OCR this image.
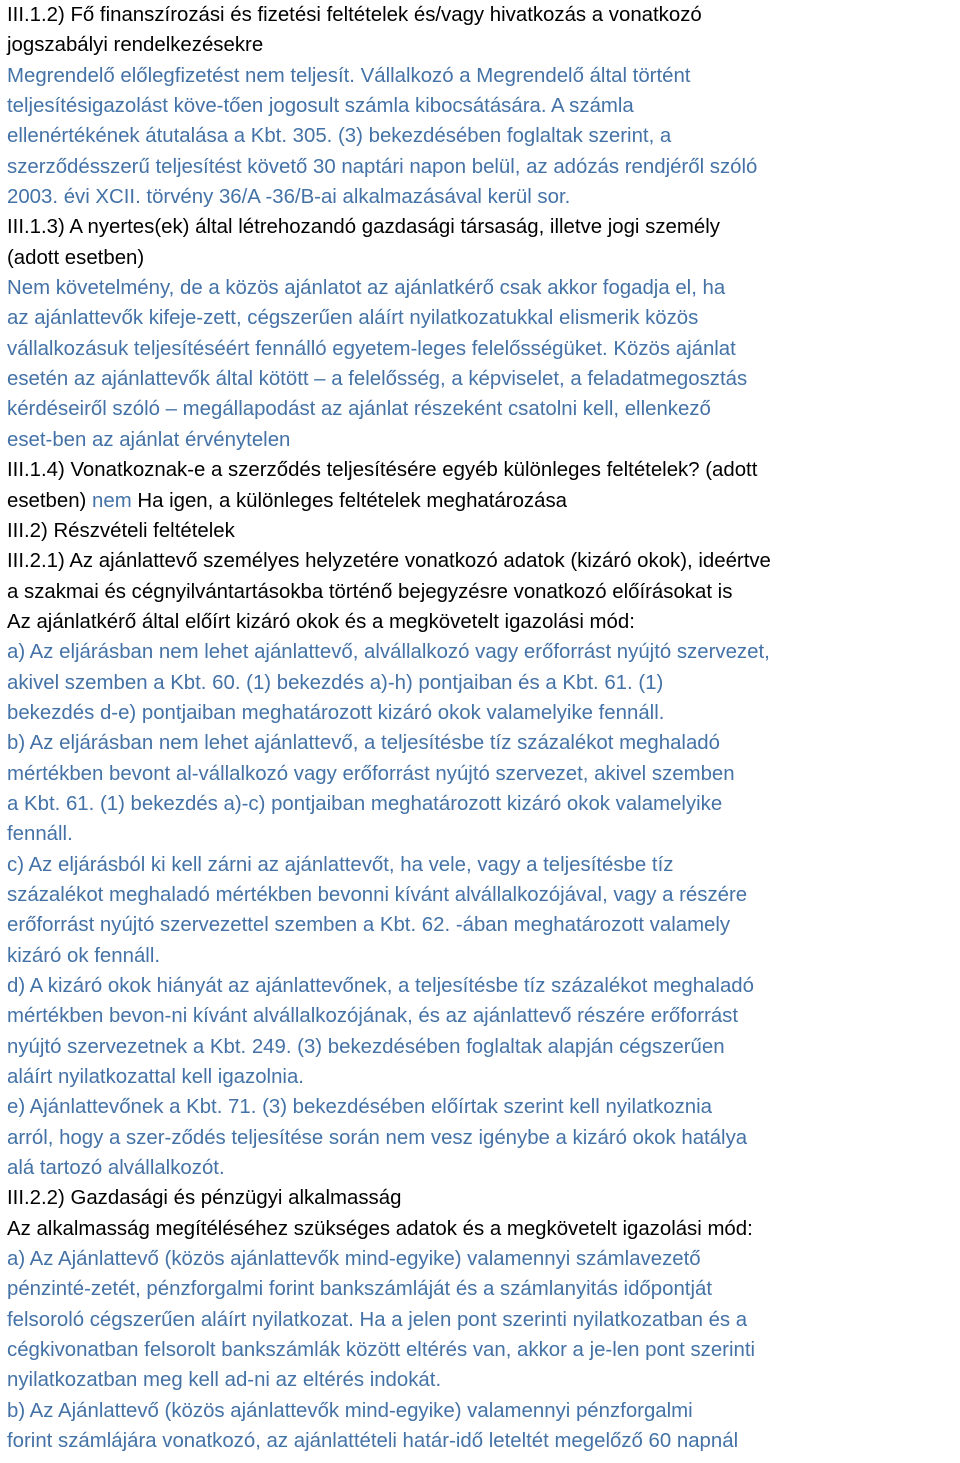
III.1.2) Fő finanszírozási és fizetési feltételek és/vagy hivatkozás a vonatkozó
jogszabályi rendelkezésekre
Megrendelő előlegfizetést nem teljesít. Vállalkozó a Megrendelő által történt
teljesítésigazolást köve-tően jogosult számla kibocsátására. A számla
ellenértékének átutalása a Kbt. 305. (3) bekezdésében foglaltak szerint, a
szerződésszerű teljesítést követő 30 naptári napon belül, az adózás rendjéről szóló
2003. évi XCII. törvény 36/A -36/B-ai alkalmazásával kerül sor.
III.1.3) A nyertes(ek) által létrehozandó gazdasági társaság, illetve jogi személy
(adott esetben)
Nem követelmény, de a közös ajánlatot az ajánlatkérő csak akkor fogadja el, ha
az ajánlattevők kifeje-zett, cégszerűen aláírt nyilatkozatukkal elismerik közös
vállalkozásuk teljesítéséért fennálló egyetem-leges felelősségüket. Közös ajánlat
esetén az ajánlattevők által kötött – a felelősség, a képviselet, a feladatmegosztás
kérdéseiről szóló – megállapodást az ajánlat részeként csatolni kell, ellenkező
eset-ben az ajánlat érvénytelen
III.1.4) Vonatkoznak-e a szerződés teljesítésére egyéb különleges feltételek? (adott
esetben) nem Ha igen, a különleges feltételek meghatározása
III.2) Részvételi feltételek
III.2.1) Az ajánlattevő személyes helyzetére vonatkozó adatok (kizáró okok), ideértve
a szakmai és cégnyilvántartásokba történő bejegyzésre vonatkozó előírásokat is
Az ajánlatkérő által előírt kizáró okok és a megkövetelt igazolási mód:
a) Az eljárásban nem lehet ajánlattevő, alvállalkozó vagy erőforrást nyújtó szervezet,
akivel szemben a Kbt. 60. (1) bekezdés a)-h) pontjaiban és a Kbt. 61. (1)
bekezdés d-e) pontjaiban meghatározott kizáró okok valamelyike fennáll.
b) Az eljárásban nem lehet ajánlattevő, a teljesítésbe tíz százalékot meghaladó
mértékben bevont al-vállalkozó vagy erőforrást nyújtó szervezet, akivel szemben
a Kbt. 61. (1) bekezdés a)-c) pontjaiban meghatározott kizáró okok valamelyike
fennáll.
c) Az eljárásból ki kell zárni az ajánlattevőt, ha vele, vagy a teljesítésbe tíz
százalékot meghaladó mértékben bevonni kívánt alvállalkozójával, vagy a részére
erőforrást nyújtó szervezettel szemben a Kbt. 62. -ában meghatározott valamely
kizáró ok fennáll.
d) A kizáró okok hiányát az ajánlattevőnek, a teljesítésbe tíz százalékot meghaladó
mértékben bevon-ni kívánt alvállalkozójának, és az ajánlattevő részére erőforrást
nyújtó szervezetnek a Kbt. 249. (3) bekezdésében foglaltak alapján cégszerűen
aláírt nyilatkozattal kell igazolnia.
e) Ajánlattevőnek a Kbt. 71. (3) bekezdésében előírtak szerint kell nyilatkoznia
arról, hogy a szer-ződés teljesítése során nem vesz igénybe a kizáró okok hatálya
alá tartozó alvállalkozót.
III.2.2) Gazdasági és pénzügyi alkalmasság
Az alkalmasság megítéléséhez szükséges adatok és a megkövetelt igazolási mód:
a) Az Ajánlattevő (közös ajánlattevők mind-egyike) valamennyi számlavezető
pénzinté-zetét, pénzforgalmi forint bankszámláját és a számlanyitás időpontját
felsoroló cégszerűen aláírt nyilatkozat. Ha a jelen pont szerinti nyilatkozatban és a
cégkivonatban felsorolt bankszámlák között eltérés van, akkor a je-len pont szerinti
nyilatkozatban meg kell ad-ni az eltérés indokát.
b) Az Ajánlattevő (közös ajánlattevők mind-egyike) valamennyi pénzforgalmi
forint számlájára vonatkozó, az ajánlattételi határ-idő leteltét megelőző 60 napnál
